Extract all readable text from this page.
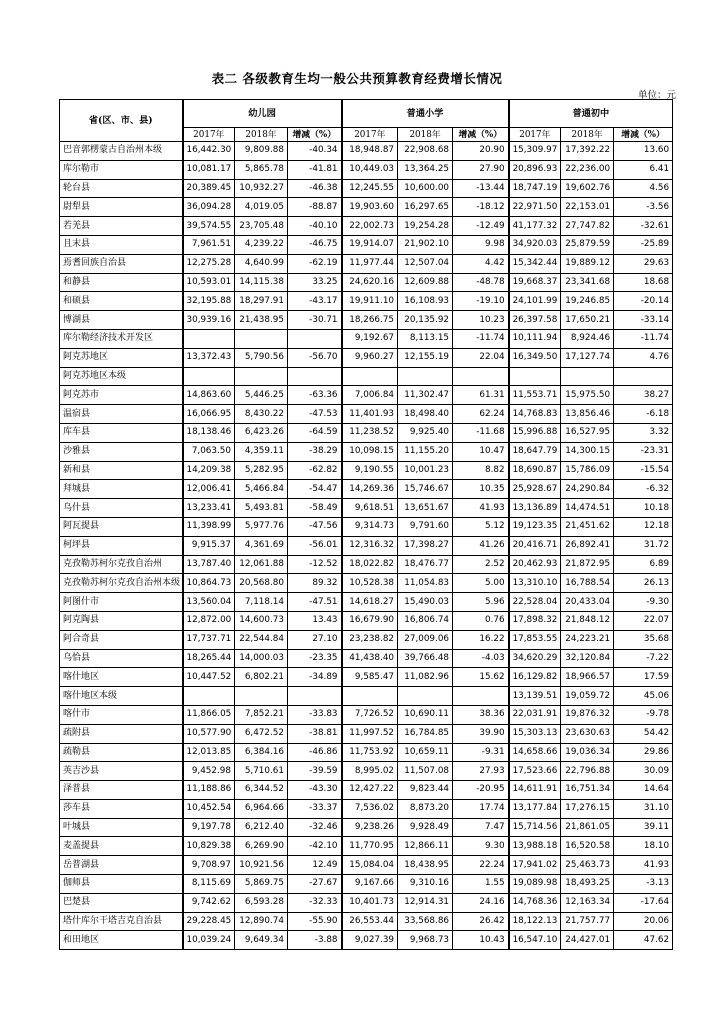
表二 各级教育生均一般公共预算教育经费增长情况
单位：元
省(区、市、县)	幼儿园			普通小学			普通初中		
	2017年	2018年	增减（%）	2017年	2018年	增减（%）	2017年	2018年	增减（%）
巴音郭楞蒙古自治州本级	16,442.30	9,809.88	-40.34	18,948.87	22,908.68	20.90	15,309.97	17,392.22	13.60
库尔勒市	10,081.17	5,865.78	-41.81	10,449.03	13,364.25	27.90	20,896.93	22,236.00	6.41
轮台县	20,389.45	10,932.27	-46.38	12,245.55	10,600.00	-13.44	18,747.19	19,602.76	4.56
尉犁县	36,094.28	4,019.05	-88.87	19,903.60	16,297.65	-18.12	22,971.50	22,153.01	-3.56
若羌县	39,574.55	23,705.48	-40.10	22,002.73	19,254.28	-12.49	41,177.32	27,747.82	-32.61
且末县	7,961.51	4,239.22	-46.75	19,914.07	21,902.10	9.98	34,920.03	25,879.59	-25.89
焉耆回族自治县	12,275.28	4,640.99	-62.19	11,977.44	12,507.04	4.42	15,342.44	19,889.12	29.63
和静县	10,593.01	14,115.38	33.25	24,620.16	12,609.88	-48.78	19,668.37	23,341.68	18.68
和硕县	32,195.88	18,297.91	-43.17	19,911.10	16,108.93	-19.10	24,101.99	19,246.85	-20.14
博湖县	30,939.16	21,438.95	-30.71	18,266.75	20,135.92	10.23	26,397.58	17,650.21	-33.14
库尔勒经济技术开发区				9,192.67	8,113.15	-11.74	10,111.94	8,924.46	-11.74
阿克苏地区	13,372.43	5,790.56	-56.70	9,960.27	12,155.19	22.04	16,349.50	17,127.74	4.76
阿克苏地区本级									
阿克苏市	14,863.60	5,446.25	-63.36	7,006.84	11,302.47	61.31	11,553.71	15,975.50	38.27
温宿县	16,066.95	8,430.22	-47.53	11,401.93	18,498.40	62.24	14,768.83	13,856.46	-6.18
库车县	18,138.46	6,423.26	-64.59	11,238.52	9,925.40	-11.68	15,996.88	16,527.95	3.32
沙雅县	7,063.50	4,359.11	-38.29	10,098.15	11,155.20	10.47	18,647.79	14,300.15	-23.31
新和县	14,209.38	5,282.95	-62.82	9,190.55	10,001.23	8.82	18,690.87	15,786.09	-15.54
拜城县	12,006.41	5,466.84	-54.47	14,269.36	15,746.67	10.35	25,928.67	24,290.84	-6.32
乌什县	13,233.41	5,493.81	-58.49	9,618.51	13,651.67	41.93	13,136.89	14,474.51	10.18
阿瓦提县	11,398.99	5,977.76	-47.56	9,314.73	9,791.60	5.12	19,123.35	21,451.62	12.18
柯坪县	9,915.37	4,361.69	-56.01	12,316.32	17,398.27	41.26	20,416.71	26,892.41	31.72
克孜勒苏柯尔克孜自治州	13,787.40	12,061.88	-12.52	18,022.82	18,476.77	2.52	20,462.93	21,872.95	6.89
克孜勒苏柯尔克孜自治州本级	10,864.73	20,568.80	89.32	10,528.38	11,054.83	5.00	13,310.10	16,788.54	26.13
阿图什市	13,560.04	7,118.14	-47.51	14,618.27	15,490.03	5.96	22,528.04	20,433.04	-9.30
阿克陶县	12,872.00	14,600.73	13.43	16,679.90	16,806.74	0.76	17,898.32	21,848.12	22.07
阿合奇县	17,737.71	22,544.84	27.10	23,238.82	27,009.06	16.22	17,853.55	24,223.21	35.68
乌恰县	18,265.44	14,000.03	-23.35	41,438.40	39,766.48	-4.03	34,620.29	32,120.84	-7.22
喀什地区	10,447.52	6,802.21	-34.89	9,585.47	11,082.96	15.62	16,129.82	18,966.57	17.59
喀什地区本级							13,139.51	19,059.72	45.06
喀什市	11,866.05	7,852.21	-33.83	7,726.52	10,690.11	38.36	22,031.91	19,876.32	-9.78
疏附县	10,577.90	6,472.52	-38.81	11,997.52	16,784.85	39.90	15,303.13	23,630.63	54.42
疏勒县	12,013.85	6,384.16	-46.86	11,753.92	10,659.11	-9.31	14,658.66	19,036.34	29.86
英吉沙县	9,452.98	5,710.61	-39.59	8,995.02	11,507.08	27.93	17,523.66	22,796.88	30.09
泽普县	11,188.86	6,344.52	-43.30	12,427.22	9,823.44	-20.95	14,611.91	16,751.34	14.64
莎车县	10,452.54	6,964.66	-33.37	7,536.02	8,873.20	17.74	13,177.84	17,276.15	31.10
叶城县	9,197.78	6,212.40	-32.46	9,238.26	9,928.49	7.47	15,714.56	21,861.05	39.11
麦盖提县	10,829.38	6,269.90	-42.10	11,770.95	12,866.11	9.30	13,988.18	16,520.58	18.10
岳普湖县	9,708.97	10,921.56	12.49	15,084.04	18,438.95	22.24	17,941.02	25,463.73	41.93
伽师县	8,115.69	5,869.75	-27.67	9,167.66	9,310.16	1.55	19,089.98	18,493.25	-3.13
巴楚县	9,742.62	6,593.28	-32.33	10,401.73	12,914.31	24.16	14,768.36	12,163.34	-17.64
塔什库尔干塔吉克自治县	29,228.45	12,890.74	-55.90	26,553.44	33,568.86	26.42	18,122.13	21,757.77	20.06
和田地区	10,039.24	9,649.34	-3.88	9,027.39	9,968.73	10.43	16,547.10	24,427.01	47.62
